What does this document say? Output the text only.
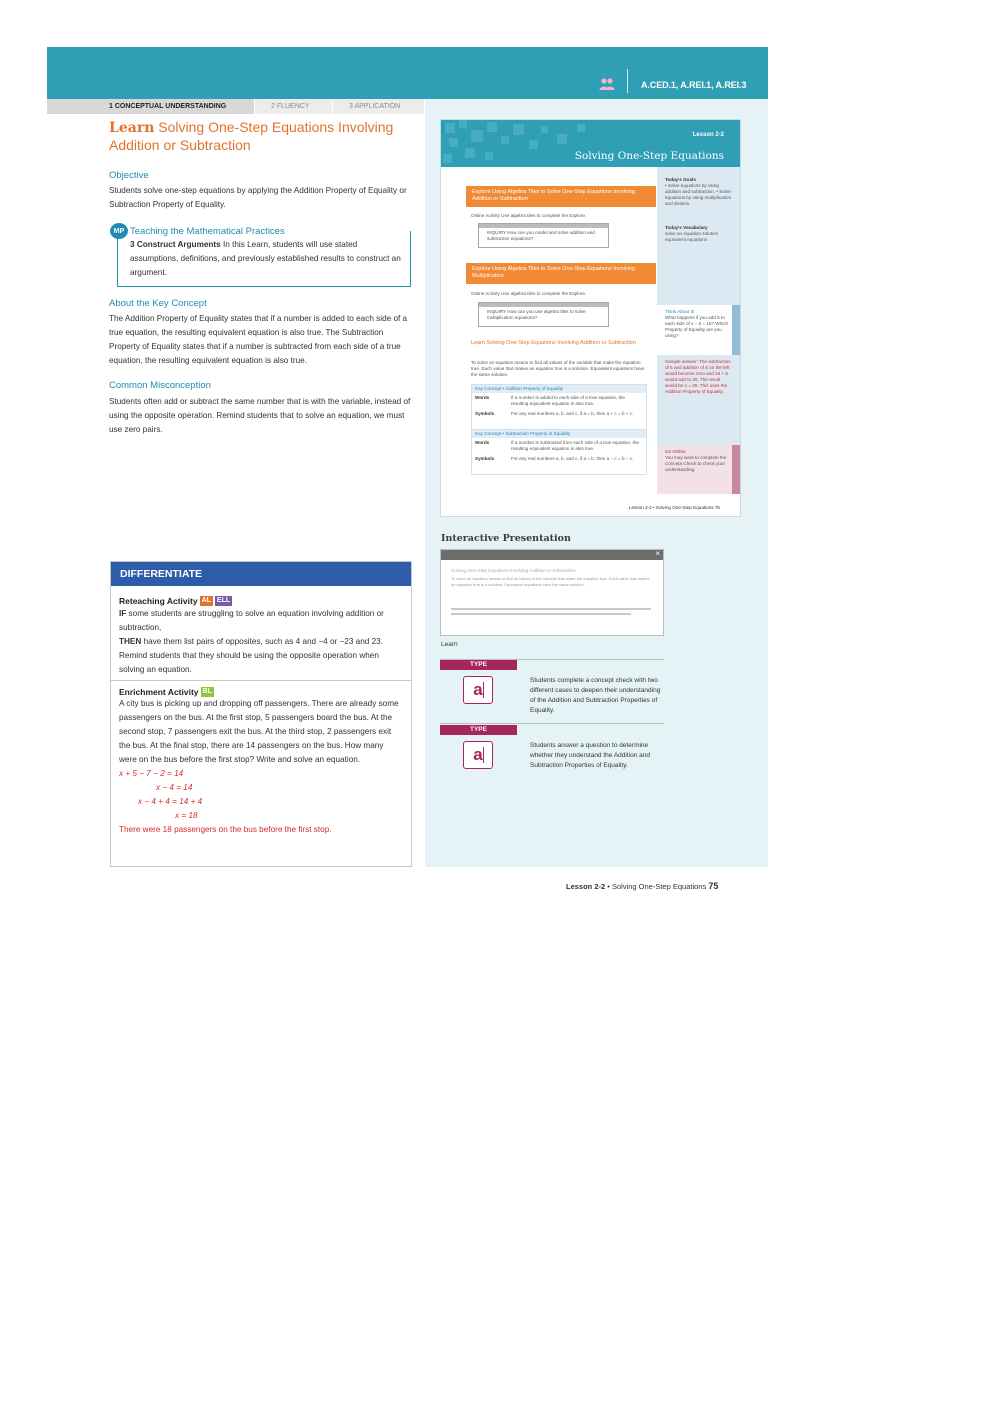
A.CED.1, A.REI.1, A.REI.3
1 CONCEPTUAL UNDERSTANDING	2 FLUENCY	3 APPLICATION
Learn Solving One-Step Equations Involving Addition or Subtraction
Objective
Students solve one-step equations by applying the Addition Property of Equality or Subtraction Property of Equality.
MP Teaching the Mathematical Practices
3 Construct Arguments In this Learn, students will use stated assumptions, definitions, and previously established results to construct an argument.
About the Key Concept
The Addition Property of Equality states that if a number is added to each side of a true equation, the resulting equivalent equation is also true. The Subtraction Property of Equality states that if a number is subtracted from each side of a true equation, the resulting equivalent equation is also true.
Common Misconception
Students often add or subtract the same number that is with the variable, instead of using the opposite operation. Remind students that to solve an equation, we must use zero pairs.
DIFFERENTIATE
Reteaching Activity AL ELL
IF some students are struggling to solve an equation involving addition or subtraction,
THEN have them list pairs of opposites, such as 4 and −4 or −23 and 23. Remind students that they should be using the opposite operation when solving an equation.
Enrichment Activity BL
A city bus is picking up and dropping off passengers. There are already some passengers on the bus. At the first stop, 5 passengers board the bus. At the second stop, 7 passengers exit the bus. At the third stop, 2 passengers exit the bus. At the final stop, there are 14 passengers on the bus. How many were on the bus before the first stop? Write and solve an equation.
x + 5 − 7 − 2 = 14
x − 4 = 14
x − 4 + 4 = 14 + 4
x = 18
There were 18 passengers on the bus before the first stop.
Lesson 2-2
Solving One-Step Equations
Today's Goals
• Solve equations by using addition and subtraction. • Solve equations by using multiplication and division.
Today's Vocabulary
solve an equation solution equivalent equations
Think About It!
What happens if you add 5 to each side of x − 5 = 15? Which Property of Equality are you using?
Sample answer: The subtraction of 5 and addition of 5 on the left would become zero and 15 + 5 would add to 20. The result would be x = 20. This uses the Addition Property of Equality.
Go Online
You may want to complete the Concept Check to check your understanding.
Explore Using Algebra Tiles to Solve One-Step Equations Involving Addition or Subtraction
Online Activity Use algebra tiles to complete the Explore.
INQUIRY How can you model and solve addition and subtraction equations?
Explore Using Algebra Tiles to Solve One-Step Equations Involving Multiplication
Online Activity Use algebra tiles to complete the Explore.
INQUIRY How can you use algebra tiles to solve multiplication equations?
Learn Solving One-Step Equations Involving Addition or Subtraction
To solve an equation means to find all values of the variable that make the equation true. Each value that makes an equation true is a solution. Equivalent equations have the same solution.
Key Concept • Addition Property of Equality
Words	If a number is added to each side of a true equation, the resulting equivalent equation is also true.
Symbols	For any real numbers a, b, and c, if a = b, then a + c = b + c.
Key Concept • Subtraction Property of Equality
Words	If a number is subtracted from each side of a true equation, the resulting equivalent equation is also true.
Symbols	For any real numbers a, b, and c, if a = b, then a − c = b − c.
Lesson 2-2 • Solving One-Step Equations 75
Interactive Presentation
×
Solving One-Step Equations Involving Addition or Subtraction
To solve an equation means to find all values of the variable that make the equation true. Each value that makes an equation true is a solution. Equivalent equations have the same solution.
Learn
TYPE
a	Students complete a concept check with two different cases to deepen their understanding of the Addition and Subtraction Properties of Equality.
TYPE
a	Students answer a question to determine whether they understand the Addition and Subtraction Properties of Equality.
Lesson 2-2 • Solving One-Step Equations 75
